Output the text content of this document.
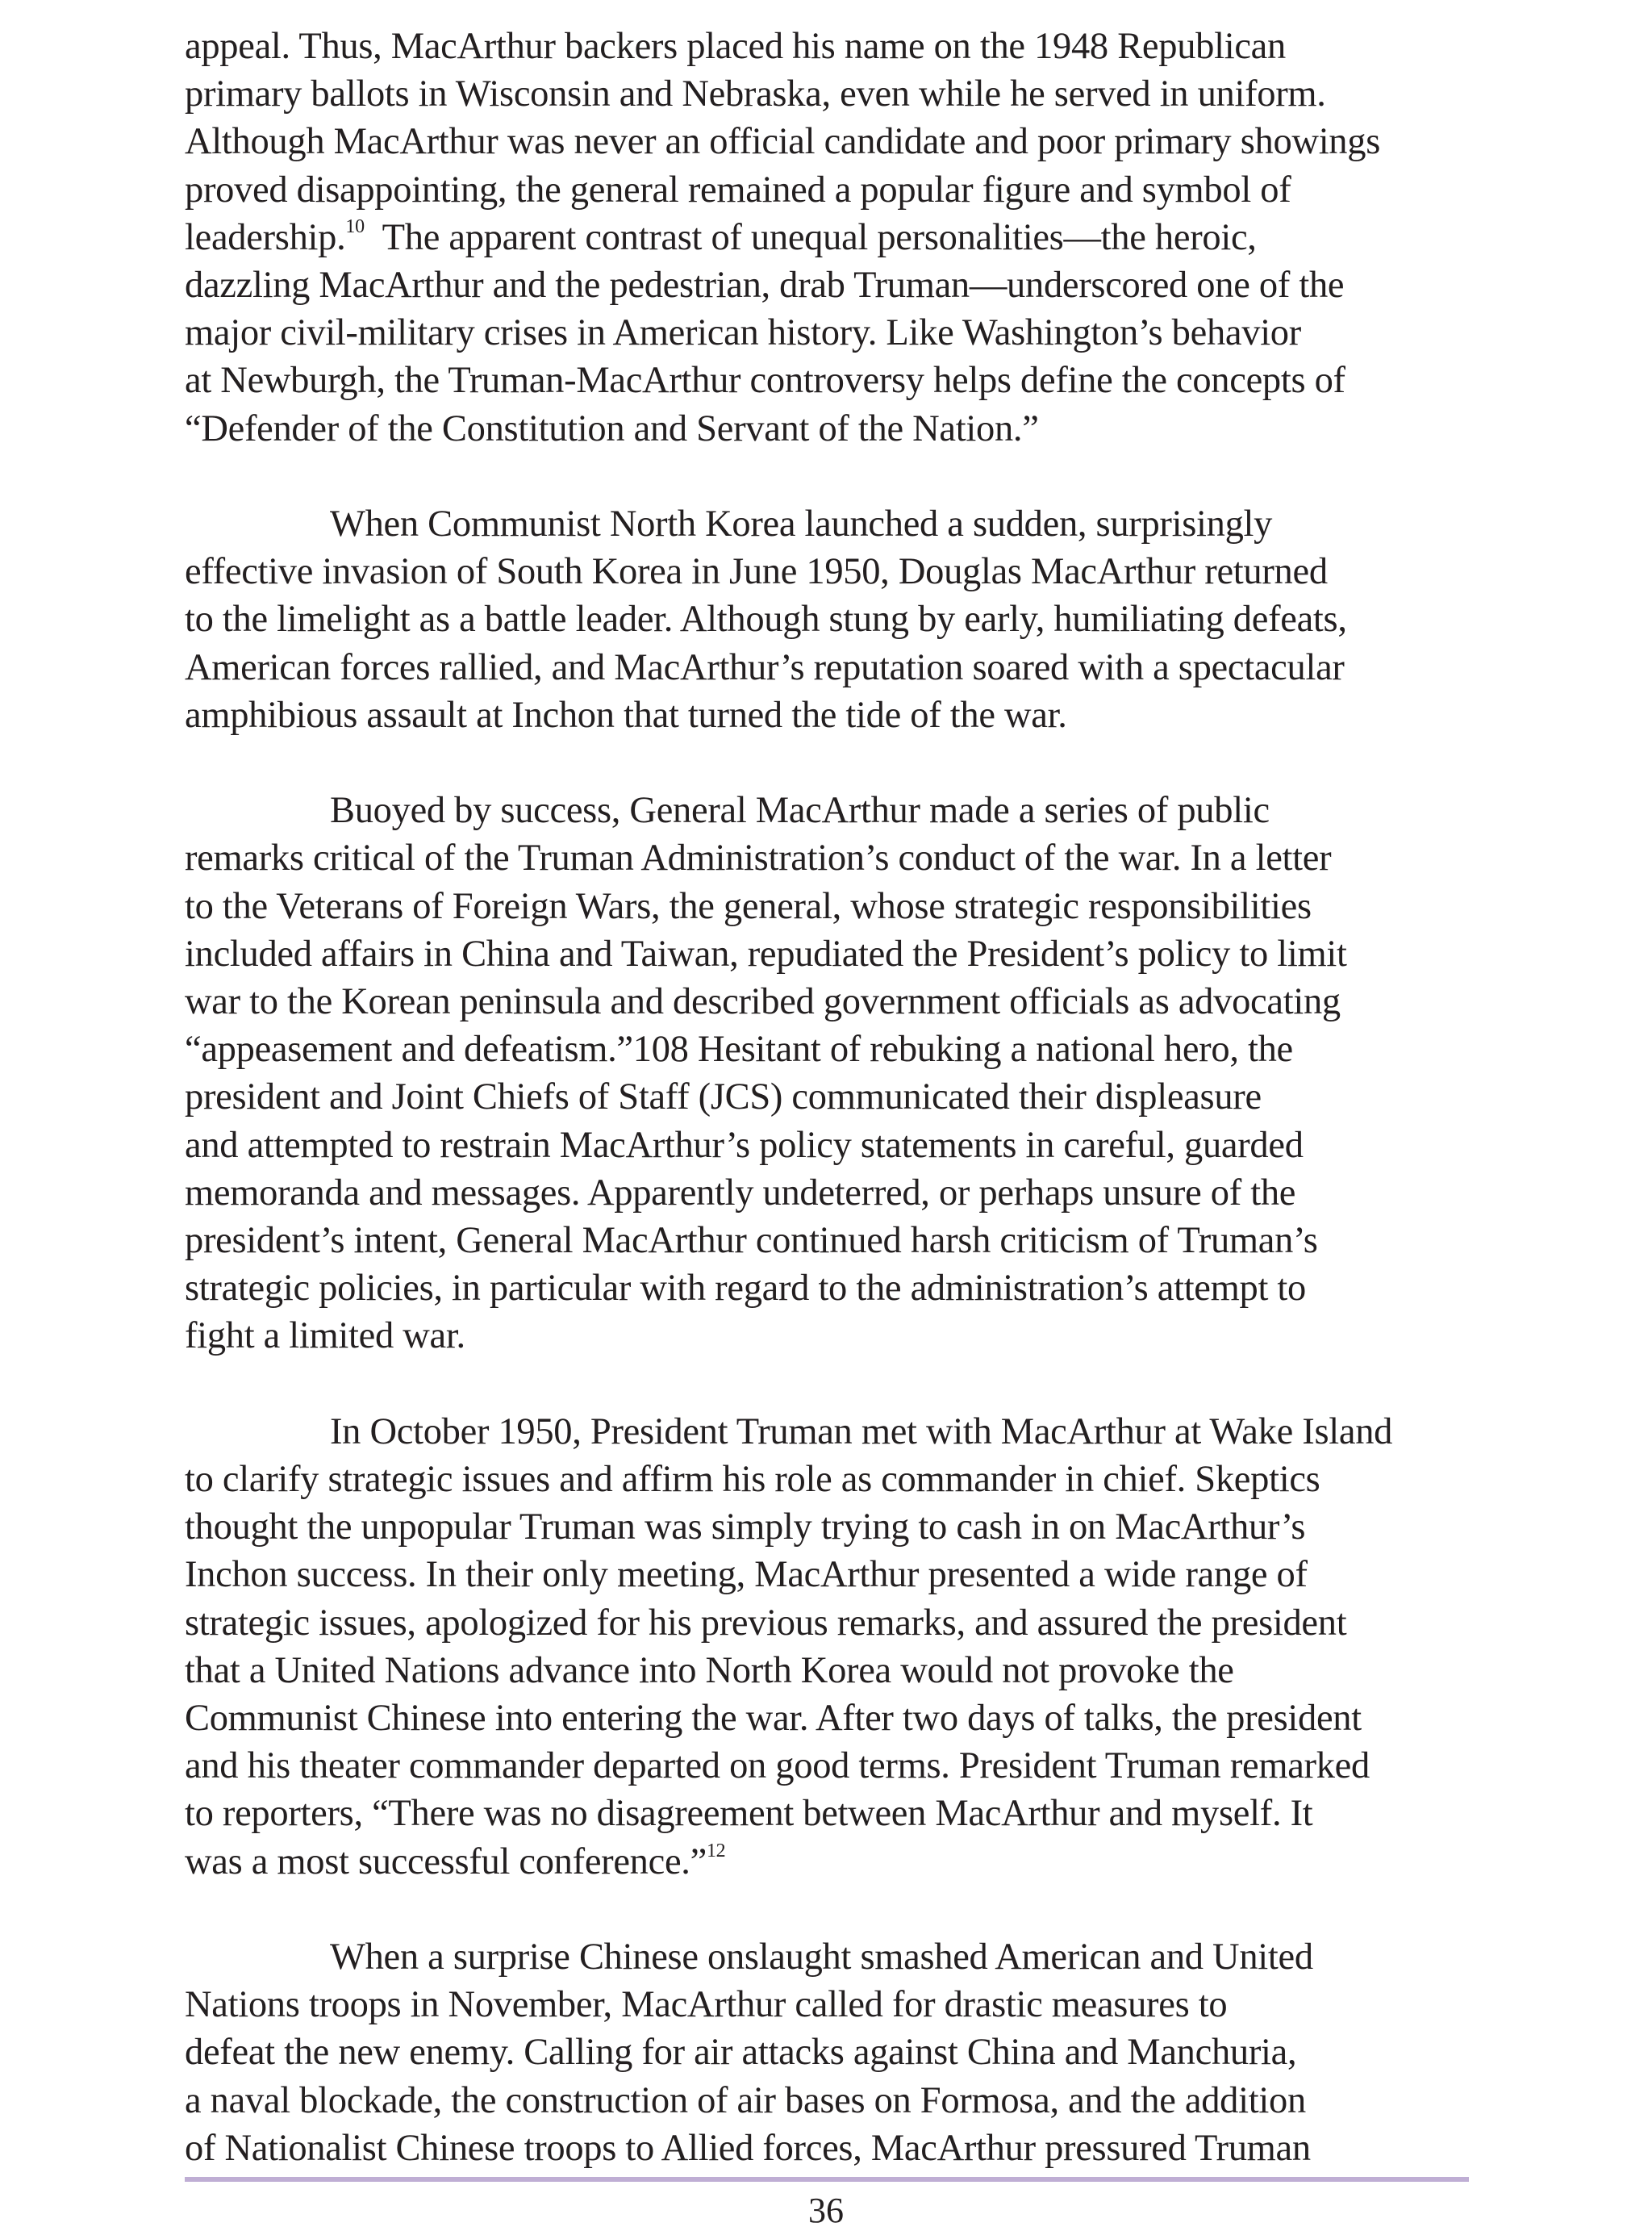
appeal. Thus, MacArthur backers placed his name on the 1948 Republican
primary ballots in Wisconsin and Nebraska, even while he served in uniform.
Although MacArthur was never an official candidate and poor primary showings
proved disappointing, the general remained a popular figure and symbol of
leadership.$^{10}$  The apparent contrast of unequal personalities—the heroic,
dazzling MacArthur and the pedestrian, drab Truman—underscored one of the
major civil-military crises in American history. Like Washington’s behavior
at Newburgh, the Truman-MacArthur controversy helps define the concepts of
“Defender of the Constitution and Servant of the Nation.”
When Communist North Korea launched a sudden, surprisingly
effective invasion of South Korea in June 1950, Douglas MacArthur returned
to the limelight as a battle leader. Although stung by early, humiliating defeats,
American forces rallied, and MacArthur’s reputation soared with a spectacular
amphibious assault at Inchon that turned the tide of the war.
Buoyed by success, General MacArthur made a series of public
remarks critical of the Truman Administration’s conduct of the war. In a letter
to the Veterans of Foreign Wars, the general, whose strategic responsibilities
included affairs in China and Taiwan, repudiated the President’s policy to limit
war to the Korean peninsula and described government officials as advocating
“appeasement and defeatism.”108 Hesitant of rebuking a national hero, the
president and Joint Chiefs of Staff (JCS) communicated their displeasure
and attempted to restrain MacArthur’s policy statements in careful, guarded
memoranda and messages. Apparently undeterred, or perhaps unsure of the
president’s intent, General MacArthur continued harsh criticism of Truman’s
strategic policies, in particular with regard to the administration’s attempt to
fight a limited war.
In October 1950, President Truman met with MacArthur at Wake Island
to clarify strategic issues and affirm his role as commander in chief. Skeptics
thought the unpopular Truman was simply trying to cash in on MacArthur’s
Inchon success. In their only meeting, MacArthur presented a wide range of
strategic issues, apologized for his previous remarks, and assured the president
that a United Nations advance into North Korea would not provoke the
Communist Chinese into entering the war. After two days of talks, the president
and his theater commander departed on good terms. President Truman remarked
to reporters, “There was no disagreement between MacArthur and myself. It
was a most successful conference.”$^{12}$
When a surprise Chinese onslaught smashed American and United
Nations troops in November, MacArthur called for drastic measures to
defeat the new enemy. Calling for air attacks against China and Manchuria,
a naval blockade, the construction of air bases on Formosa, and the addition
of Nationalist Chinese troops to Allied forces, MacArthur pressured Truman
36
